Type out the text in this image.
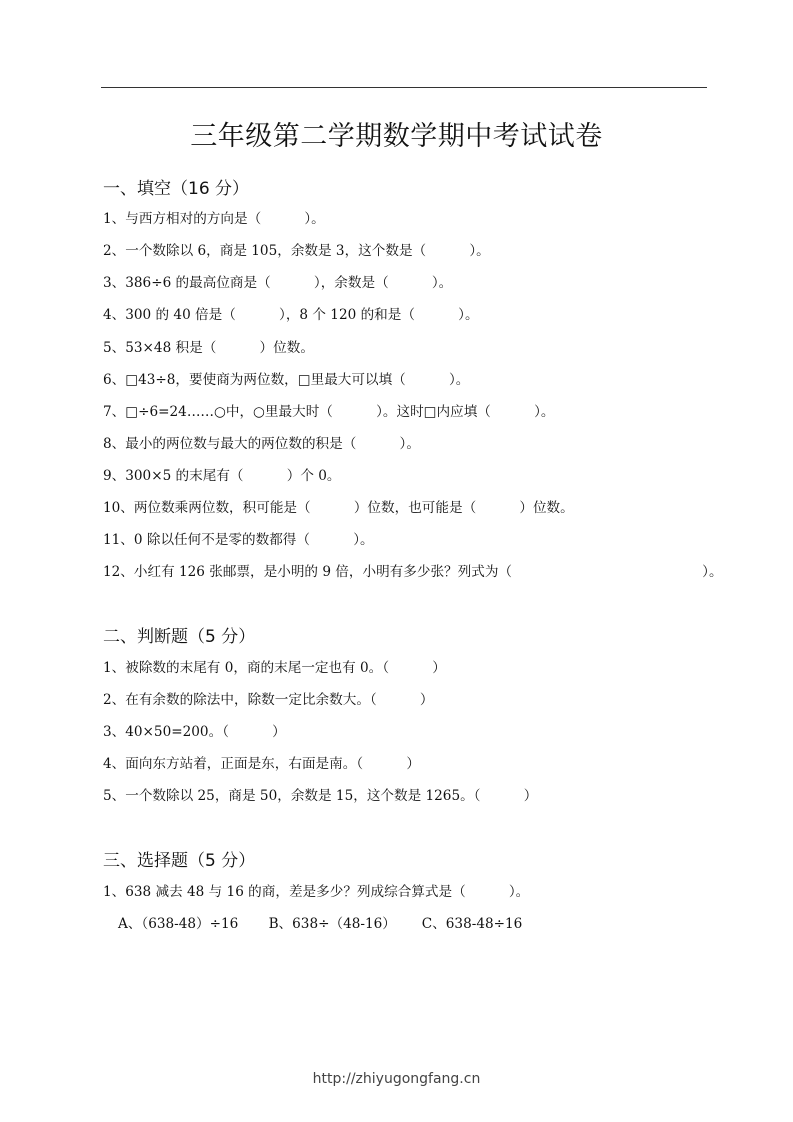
三年级第二学期数学期中考试试卷
一、填空（16 分）

1、与西方相对的方向是（          ）。

2、一个数除以 6，商是 105，余数是 3，这个数是（          ）。

3、386÷6 的最高位商是（          ），余数是（          ）。

4、300 的 40 倍是（          ），8 个 120 的和是（          ）。

5、53×48 积是（          ）位数。

6、□43÷8，要使商为两位数，□里最大可以填（          ）。

7、□÷6=24……○中，○里最大时（          ）。这时□内应填（          ）。

8、最小的两位数与最大的两位数的积是（          ）。

9、300×5 的末尾有（          ）个 0。

10、两位数乘两位数，积可能是（          ）位数，也可能是（          ）位数。

11、0 除以任何不是零的数都得（          ）。

12、小红有 126 张邮票，是小明的 9 倍，小明有多少张？列式为（                                            ）。

二、判断题（5 分）

1、被除数的末尾有 0，商的末尾一定也有 0。（          ）

2、在有余数的除法中，除数一定比余数大。（          ）

3、40×50=200。（          ）

4、面向东方站着，正面是东，右面是南。（          ）

5、一个数除以 25，商是 50，余数是 15，这个数是 1265。（          ）

三、选择题（5 分）

1、638 减去 48 与 16 的商，差是多少？列成综合算式是（          ）。

A、（638-48）÷16       B、638÷（48-16）      C、638-48÷16
http://zhiyugongfang.cn
